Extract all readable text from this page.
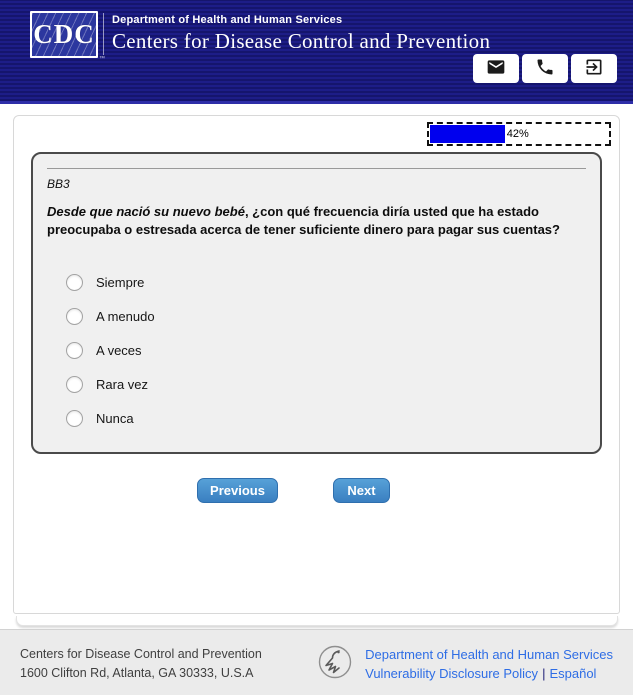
CDC
™
Department of Health and Human Services
Centers for Disease Control and Prevention
42%
BB3
Desde que nació su nuevo bebé, ¿con qué frecuencia diría usted que ha estado preocupaba o estresada acerca de tener suficiente dinero para pagar sus cuentas?
Siempre
A menudo
A veces
Rara vez
Nunca
Previous	Next
Centers for Disease Control and Prevention
1600 Clifton Rd, Atlanta, GA 30333, U.S.A
Department of Health and Human Services
Vulnerability Disclosure Policy | Español
